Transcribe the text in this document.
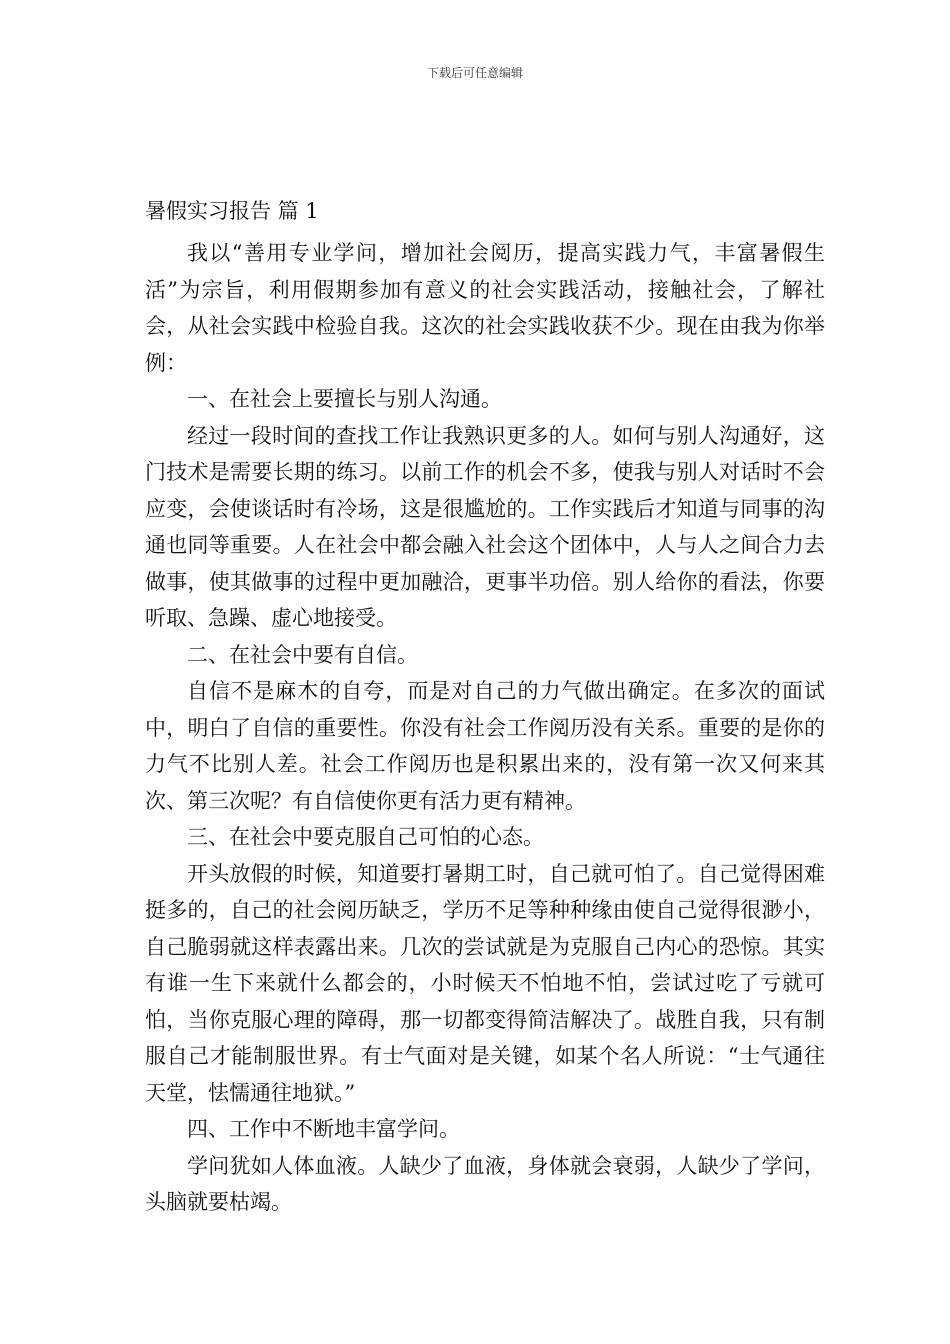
下载后可任意编辑
暑假实习报告 篇 1

我以“善用专业学问，增加社会阅历，提高实践力气，丰富暑假生活”为宗旨，利用假期参加有意义的社会实践活动，接触社会，了解社会，从社会实践中检验自我。这次的社会实践收获不少。现在由我为你举例：

一、在社会上要擅长与别人沟通。

经过一段时间的查找工作让我熟识更多的人。如何与别人沟通好，这门技术是需要长期的练习。以前工作的机会不多，使我与别人对话时不会应变，会使谈话时有冷场，这是很尴尬的。工作实践后才知道与同事的沟通也同等重要。人在社会中都会融入社会这个团体中，人与人之间合力去做事，使其做事的过程中更加融洽，更事半功倍。别人给你的看法，你要听取、急躁、虚心地接受。

二、在社会中要有自信。

自信不是麻木的自夸，而是对自己的力气做出确定。在多次的面试中，明白了自信的重要性。你没有社会工作阅历没有关系。重要的是你的力气不比别人差。社会工作阅历也是积累出来的，没有第一次又何来其次、第三次呢？有自信使你更有活力更有精神。

三、在社会中要克服自己可怕的心态。

开头放假的时候，知道要打暑期工时，自己就可怕了。自己觉得困难挺多的，自己的社会阅历缺乏，学历不足等种种缘由使自己觉得很渺小，自己脆弱就这样表露出来。几次的尝试就是为克服自己内心的恐惊。其实有谁一生下来就什么都会的，小时候天不怕地不怕，尝试过吃了亏就可怕，当你克服心理的障碍，那一切都变得简洁解决了。战胜自我，只有制服自己才能制服世界。有士气面对是关键，如某个名人所说：“士气通往天堂，怯懦通往地狱。”

四、工作中不断地丰富学问。

学问犹如人体血液。人缺少了血液，身体就会衰弱，人缺少了学问，头脑就要枯竭。
